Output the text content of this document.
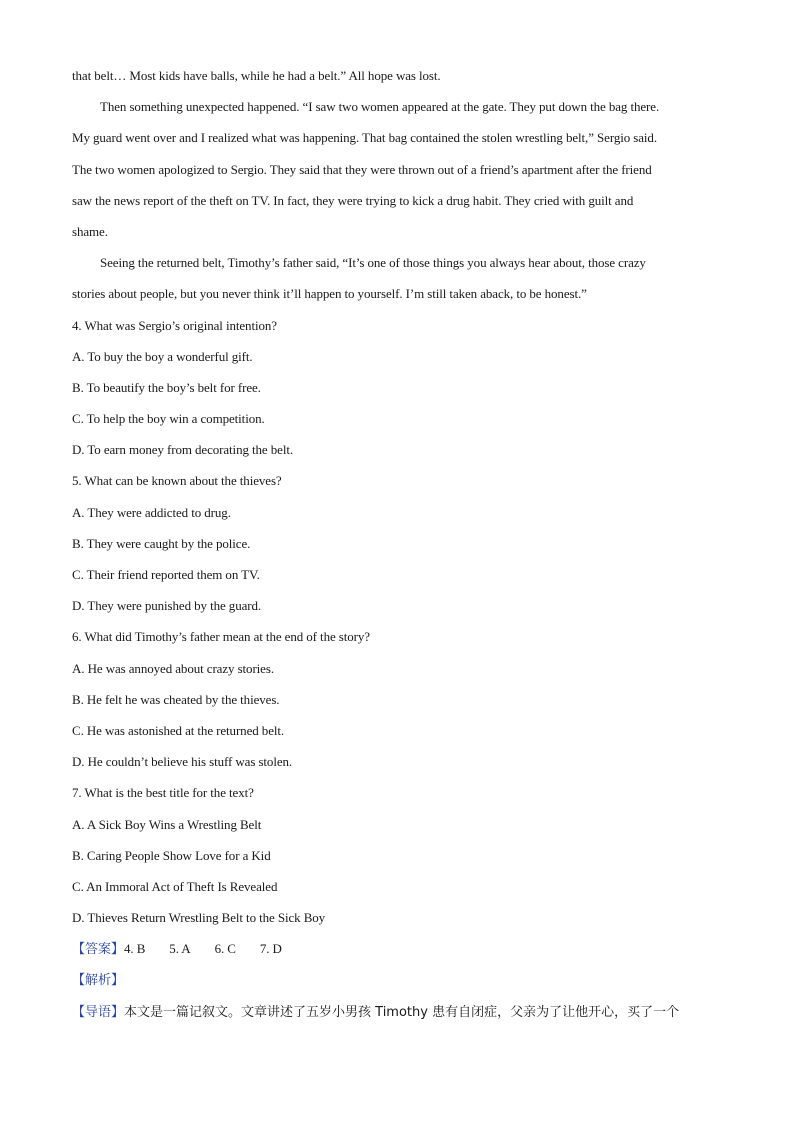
that belt… Most kids have balls, while he had a belt.” All hope was lost.
Then something unexpected happened. “I saw two women appeared at the gate. They put down the bag there.
My guard went over and I realized what was happening. That bag contained the stolen wrestling belt,” Sergio said.
The two women apologized to Sergio. They said that they were thrown out of a friend’s apartment after the friend
saw the news report of the theft on TV. In fact, they were trying to kick a drug habit. They cried with guilt and
shame.
Seeing the returned belt, Timothy’s father said, “It’s one of those things you always hear about, those crazy
stories about people, but you never think it’ll happen to yourself. I’m still taken aback, to be honest.”
4. What was Sergio’s original intention?
A. To buy the boy a wonderful gift.
B. To beautify the boy’s belt for free.
C. To help the boy win a competition.
D. To earn money from decorating the belt.
5. What can be known about the thieves?
A. They were addicted to drug.
B. They were caught by the police.
C. Their friend reported them on TV.
D. They were punished by the guard.
6. What did Timothy’s father mean at the end of the story?
A. He was annoyed about crazy stories.
B. He felt he was cheated by the thieves.
C. He was astonished at the returned belt.
D. He couldn’t believe his stuff was stolen.
7. What is the best title for the text?
A. A Sick Boy Wins a Wrestling Belt
B. Caring People Show Love for a Kid
C. An Immoral Act of Theft Is Revealed
D. Thieves Return Wrestling Belt to the Sick Boy
【答案】4. B 5. A 6. C 7. D
【解析】
【导语】本文是一篇记叙文。文章讲述了五岁小男孩 Timothy 患有自闭症，父亲为了让他开心，买了一个
